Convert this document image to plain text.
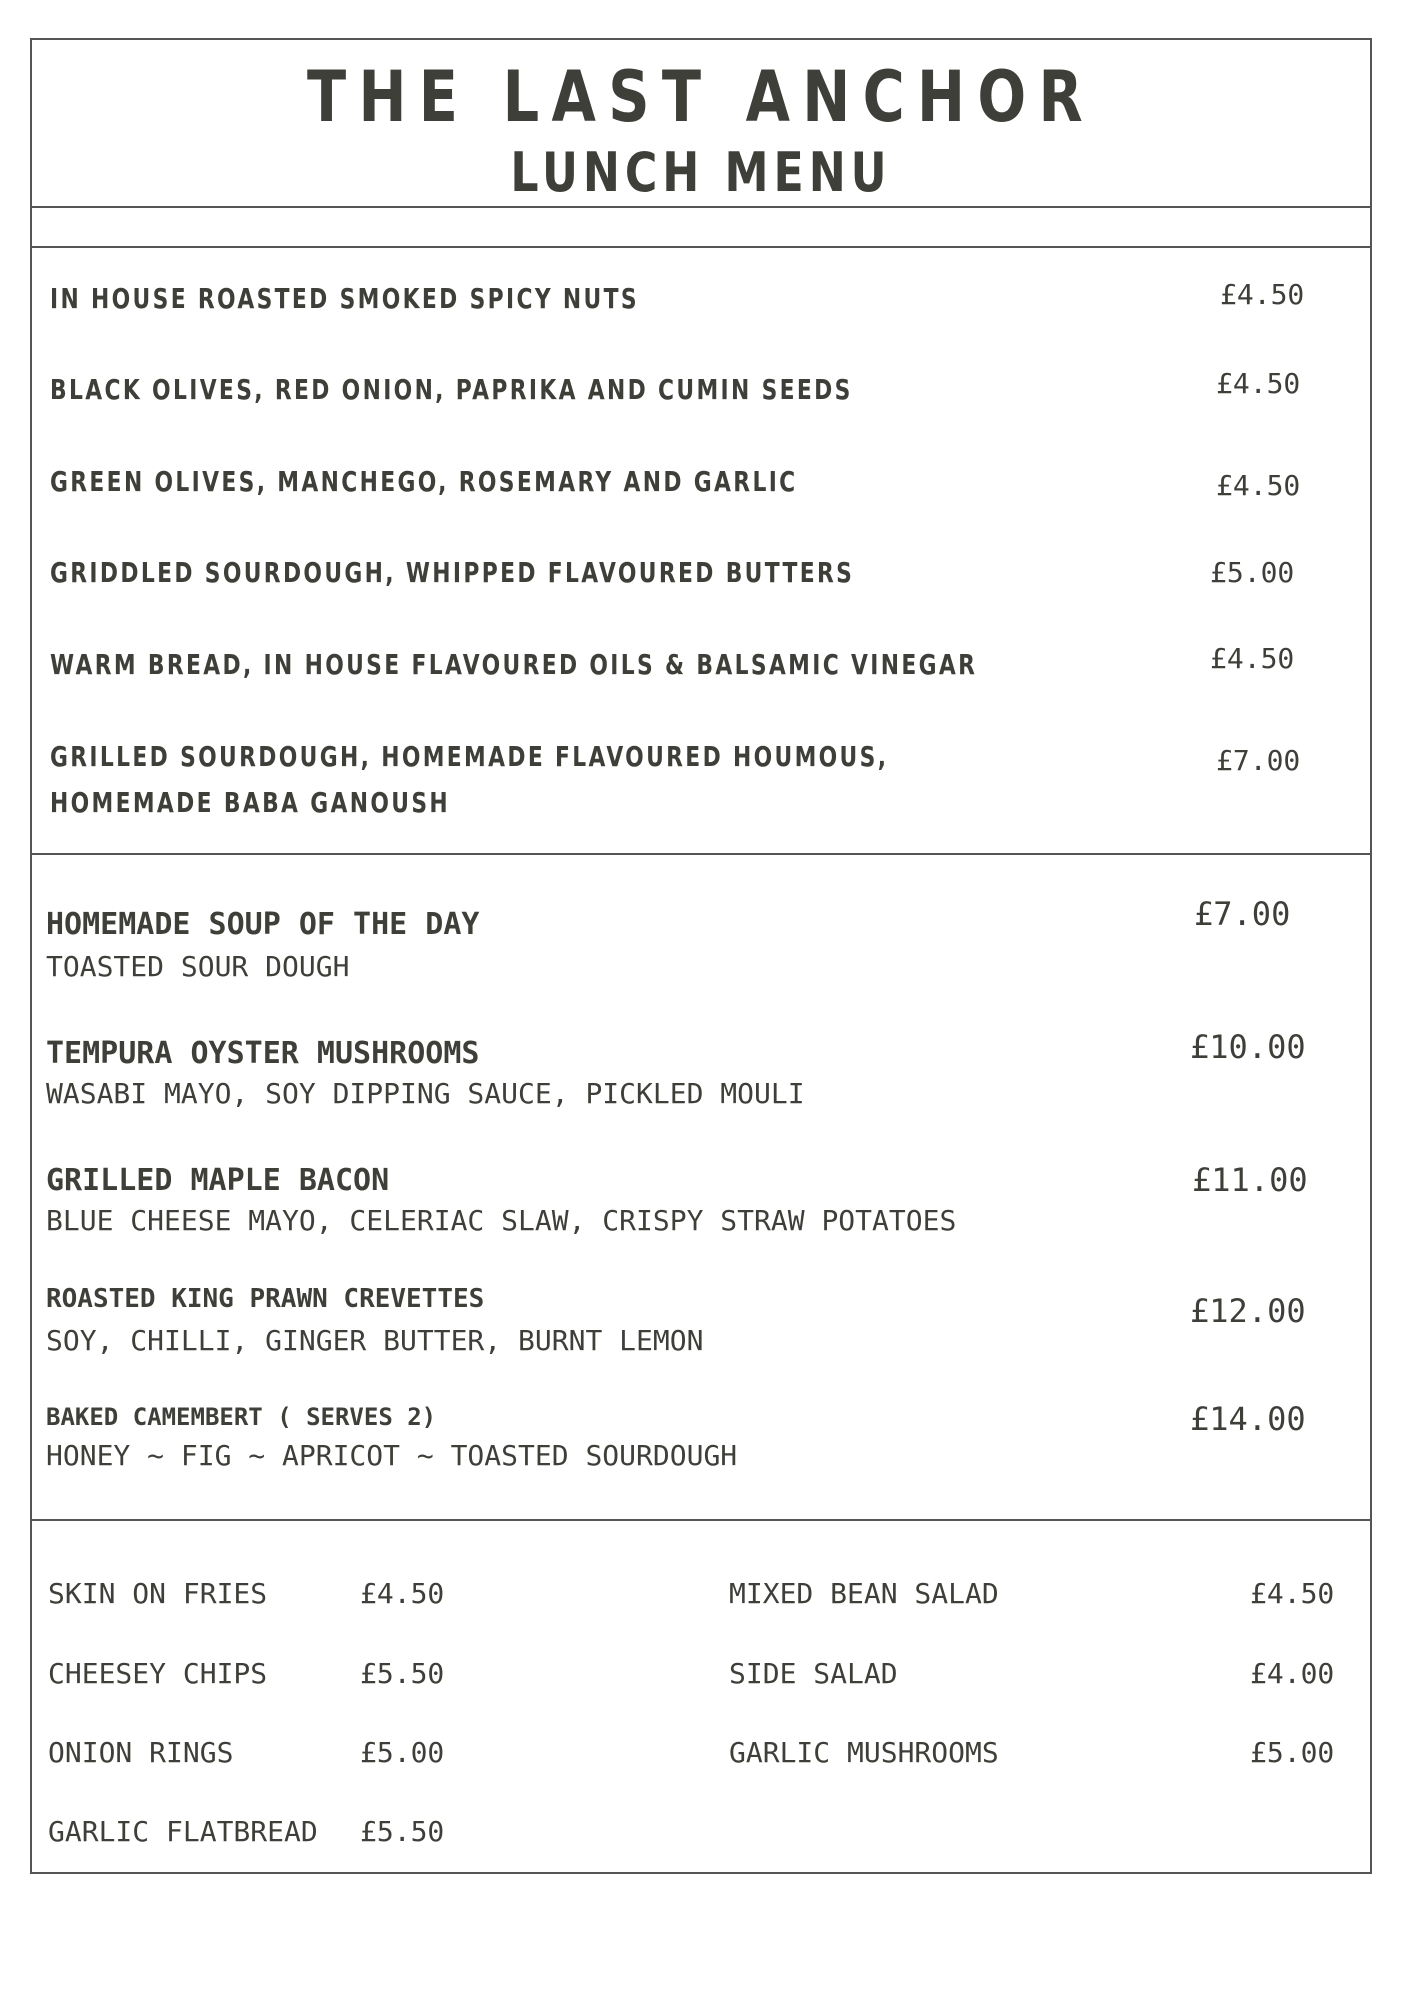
THE LAST ANCHOR
LUNCH MENU
IN HOUSE ROASTED SMOKED SPICY NUTS	£4.50
BLACK OLIVES, RED ONION, PAPRIKA AND CUMIN SEEDS	£4.50
GREEN OLIVES, MANCHEGO, ROSEMARY AND GARLIC	£4.50
GRIDDLED SOURDOUGH, WHIPPED FLAVOURED BUTTERS	£5.00
WARM BREAD, IN HOUSE FLAVOURED OILS & BALSAMIC VINEGAR	£4.50
GRILLED SOURDOUGH, HOMEMADE FLAVOURED HOUMOUS,
HOMEMADE BABA GANOUSH
£7.00
HOMEMADE SOUP OF THE DAY
TOASTED SOUR DOUGH
£7.00
TEMPURA OYSTER MUSHROOMS
WASABI MAYO, SOY DIPPING SAUCE, PICKLED MOULI
£10.00
GRILLED MAPLE BACON
BLUE CHEESE MAYO, CELERIAC SLAW, CRISPY STRAW POTATOES
£11.00
ROASTED KING PRAWN CREVETTES
SOY, CHILLI, GINGER BUTTER, BURNT LEMON
£12.00
BAKED CAMEMBERT ( SERVES 2)
HONEY ~ FIG ~ APRICOT ~ TOASTED SOURDOUGH
£14.00
SKIN ON FRIES	£4.50
CHEESEY CHIPS	£5.50
ONION RINGS	£5.00
GARLIC FLATBREAD £5.50
MIXED BEAN SALAD	£4.50
SIDE SALAD	£4.00
GARLIC MUSHROOMS	£5.00
